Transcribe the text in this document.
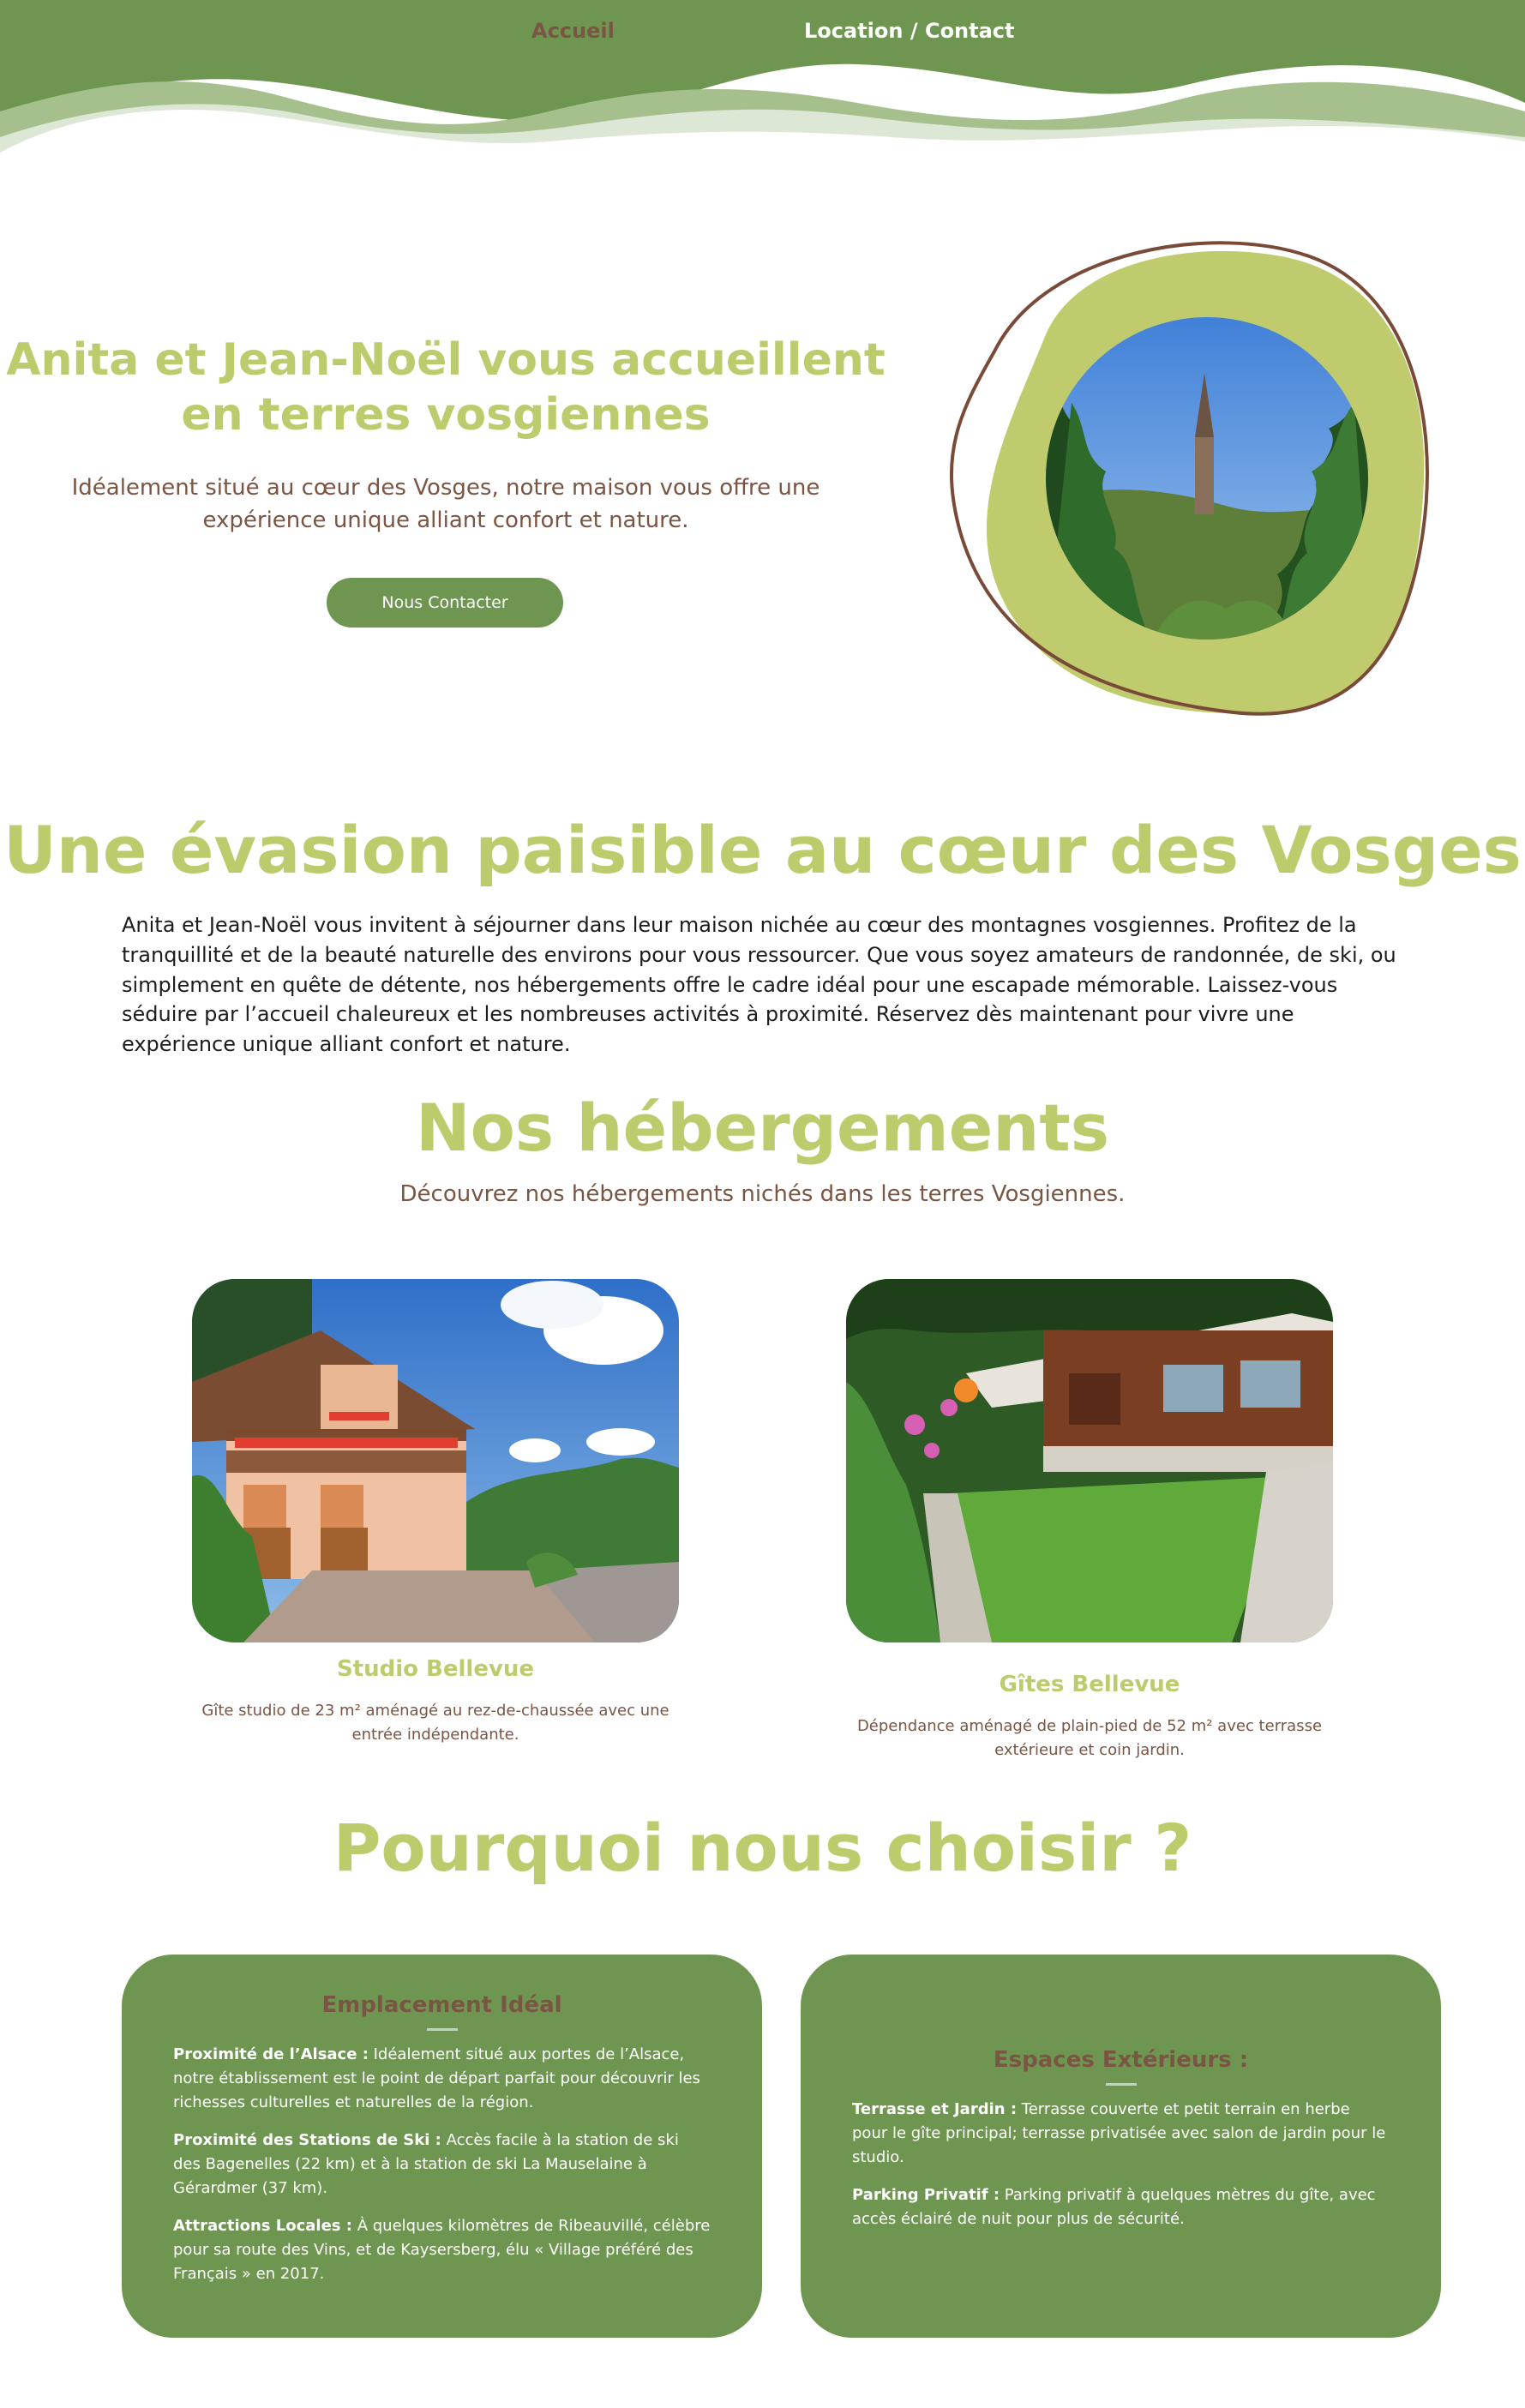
Accueil	Location / Contact
Anita et Jean-Noël vous accueillent
en terres vosgiennes

Idéalement situé au cœur des Vosges, notre maison vous offre une expérience unique alliant confort et nature.

Nous Contacter
Une évasion paisible au cœur des Vosges

Anita et Jean-Noël vous invitent à séjourner dans leur maison nichée au cœur des montagnes vosgiennes. Profitez de la tranquillité et de la beauté naturelle des environs pour vous ressourcer. Que vous soyez amateurs de randonnée, de ski, ou simplement en quête de détente, nos hébergements offre le cadre idéal pour une escapade mémorable. Laissez-vous séduire par l’accueil chaleureux et les nombreuses activités à proximité. Réservez dès maintenant pour vivre une expérience unique alliant confort et nature.

Nos hébergements

Découvrez nos hébergements nichés dans les terres Vosgiennes.

Studio Bellevue

Gîte studio de 23 m² aménagé au rez-de-chaussée avec une entrée indépendante.

Gîtes Bellevue

Dépendance aménagé de plain-pied de 52 m² avec terrasse extérieure et coin jardin.

Pourquoi nous choisir ?
Emplacement Idéal

Proximité de l’Alsace : Idéalement situé aux portes de l’Alsace, notre établissement est le point de départ parfait pour découvrir les richesses culturelles et naturelles de la région.

Proximité des Stations de Ski : Accès facile à la station de ski des Bagenelles (22 km) et à la station de ski La Mauselaine à Gérardmer (37 km).

Attractions Locales : À quelques kilomètres de Ribeauvillé, célèbre pour sa route des Vins, et de Kaysersberg, élu « Village préféré des Français » en 2017.

Espaces Extérieurs :

Terrasse et Jardin : Terrasse couverte et petit terrain en herbe pour le gîte principal; terrasse privatisée avec salon de jardin pour le studio.

Parking Privatif : Parking privatif à quelques mètres du gîte, avec accès éclairé de nuit pour plus de sécurité.
